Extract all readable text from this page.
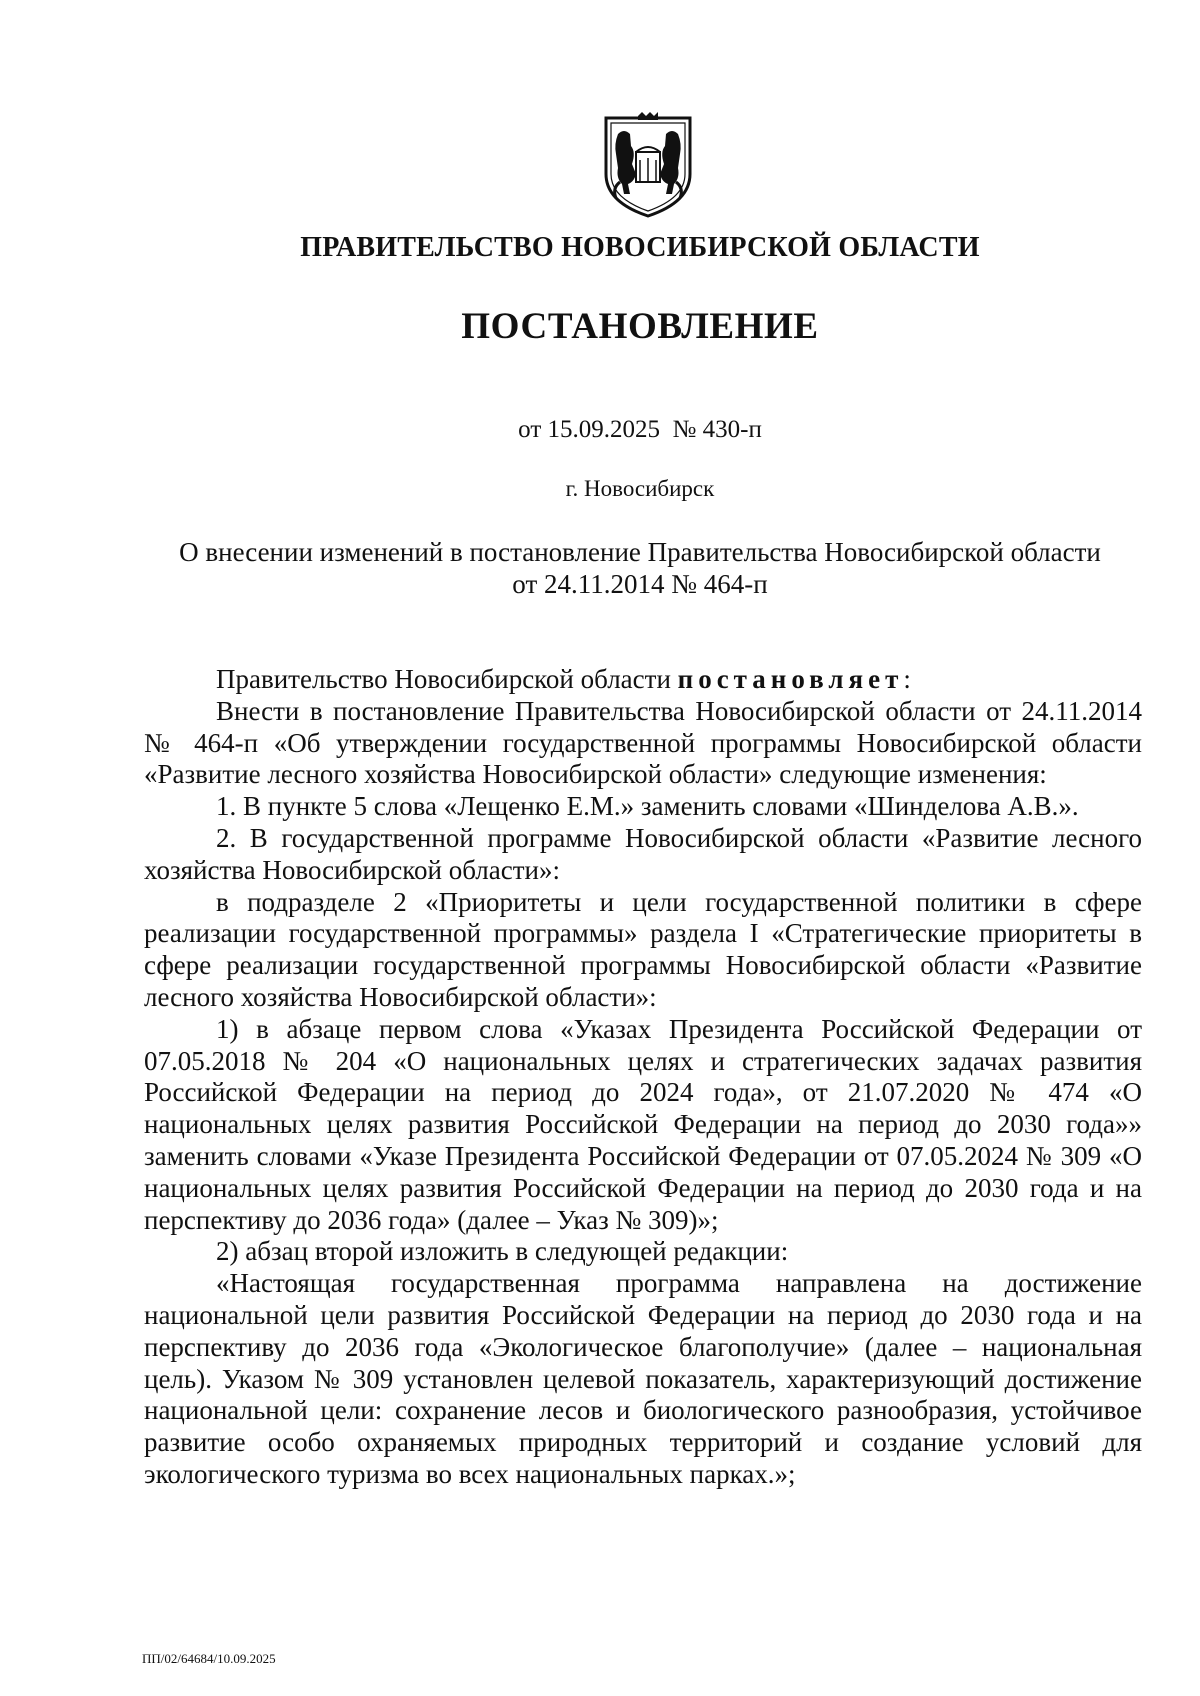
ПРАВИТЕЛЬСТВО НОВОСИБИРСКОЙ ОБЛАСТИ
ПОСТАНОВЛЕНИЕ
от 15.09.2025 № 430-п
г. Новосибирск
О внесении изменений в постановление Правительства Новосибирской области
от 24.11.2014 № 464-п

Правительство Новосибирской области постановляет:

Внести в постановление Правительства Новосибирской области от 24.11.2014 № 464-п «Об утверждении государственной программы Новосибирской области «Развитие лесного хозяйства Новосибирской области» следующие изменения:

1. В пункте 5 слова «Лещенко Е.М.» заменить словами «Шинделова А.В.».

2. В государственной программе Новосибирской области «Развитие лесного хозяйства Новосибирской области»:

в подразделе 2 «Приоритеты и цели государственной политики в сфере реализации государственной программы» раздела I «Стратегические приоритеты в сфере реализации государственной программы Новосибирской области «Развитие лесного хозяйства Новосибирской области»:

1) в абзаце первом слова «Указах Президента Российской Федерации от 07.05.2018 № 204 «О национальных целях и стратегических задачах развития Российской Федерации на период до 2024 года», от 21.07.2020 № 474 «О национальных целях развития Российской Федерации на период до 2030 года»» заменить словами «Указе Президента Российской Федерации от 07.05.2024 № 309 «О национальных целях развития Российской Федерации на период до 2030 года и на перспективу до 2036 года» (далее – Указ № 309)»;

2) абзац второй изложить в следующей редакции:

«Настоящая государственная программа направлена на достижение национальной цели развития Российской Федерации на период до 2030 года и на перспективу до 2036 года «Экологическое благополучие» (далее – национальная цель). Указом № 309 установлен целевой показатель, характеризующий достижение национальной цели: сохранение лесов и биологического разнообразия, устойчивое развитие особо охраняемых природных территорий и создание условий для экологического туризма во всех национальных парках.»;

ПП/02/64684/10.09.2025
